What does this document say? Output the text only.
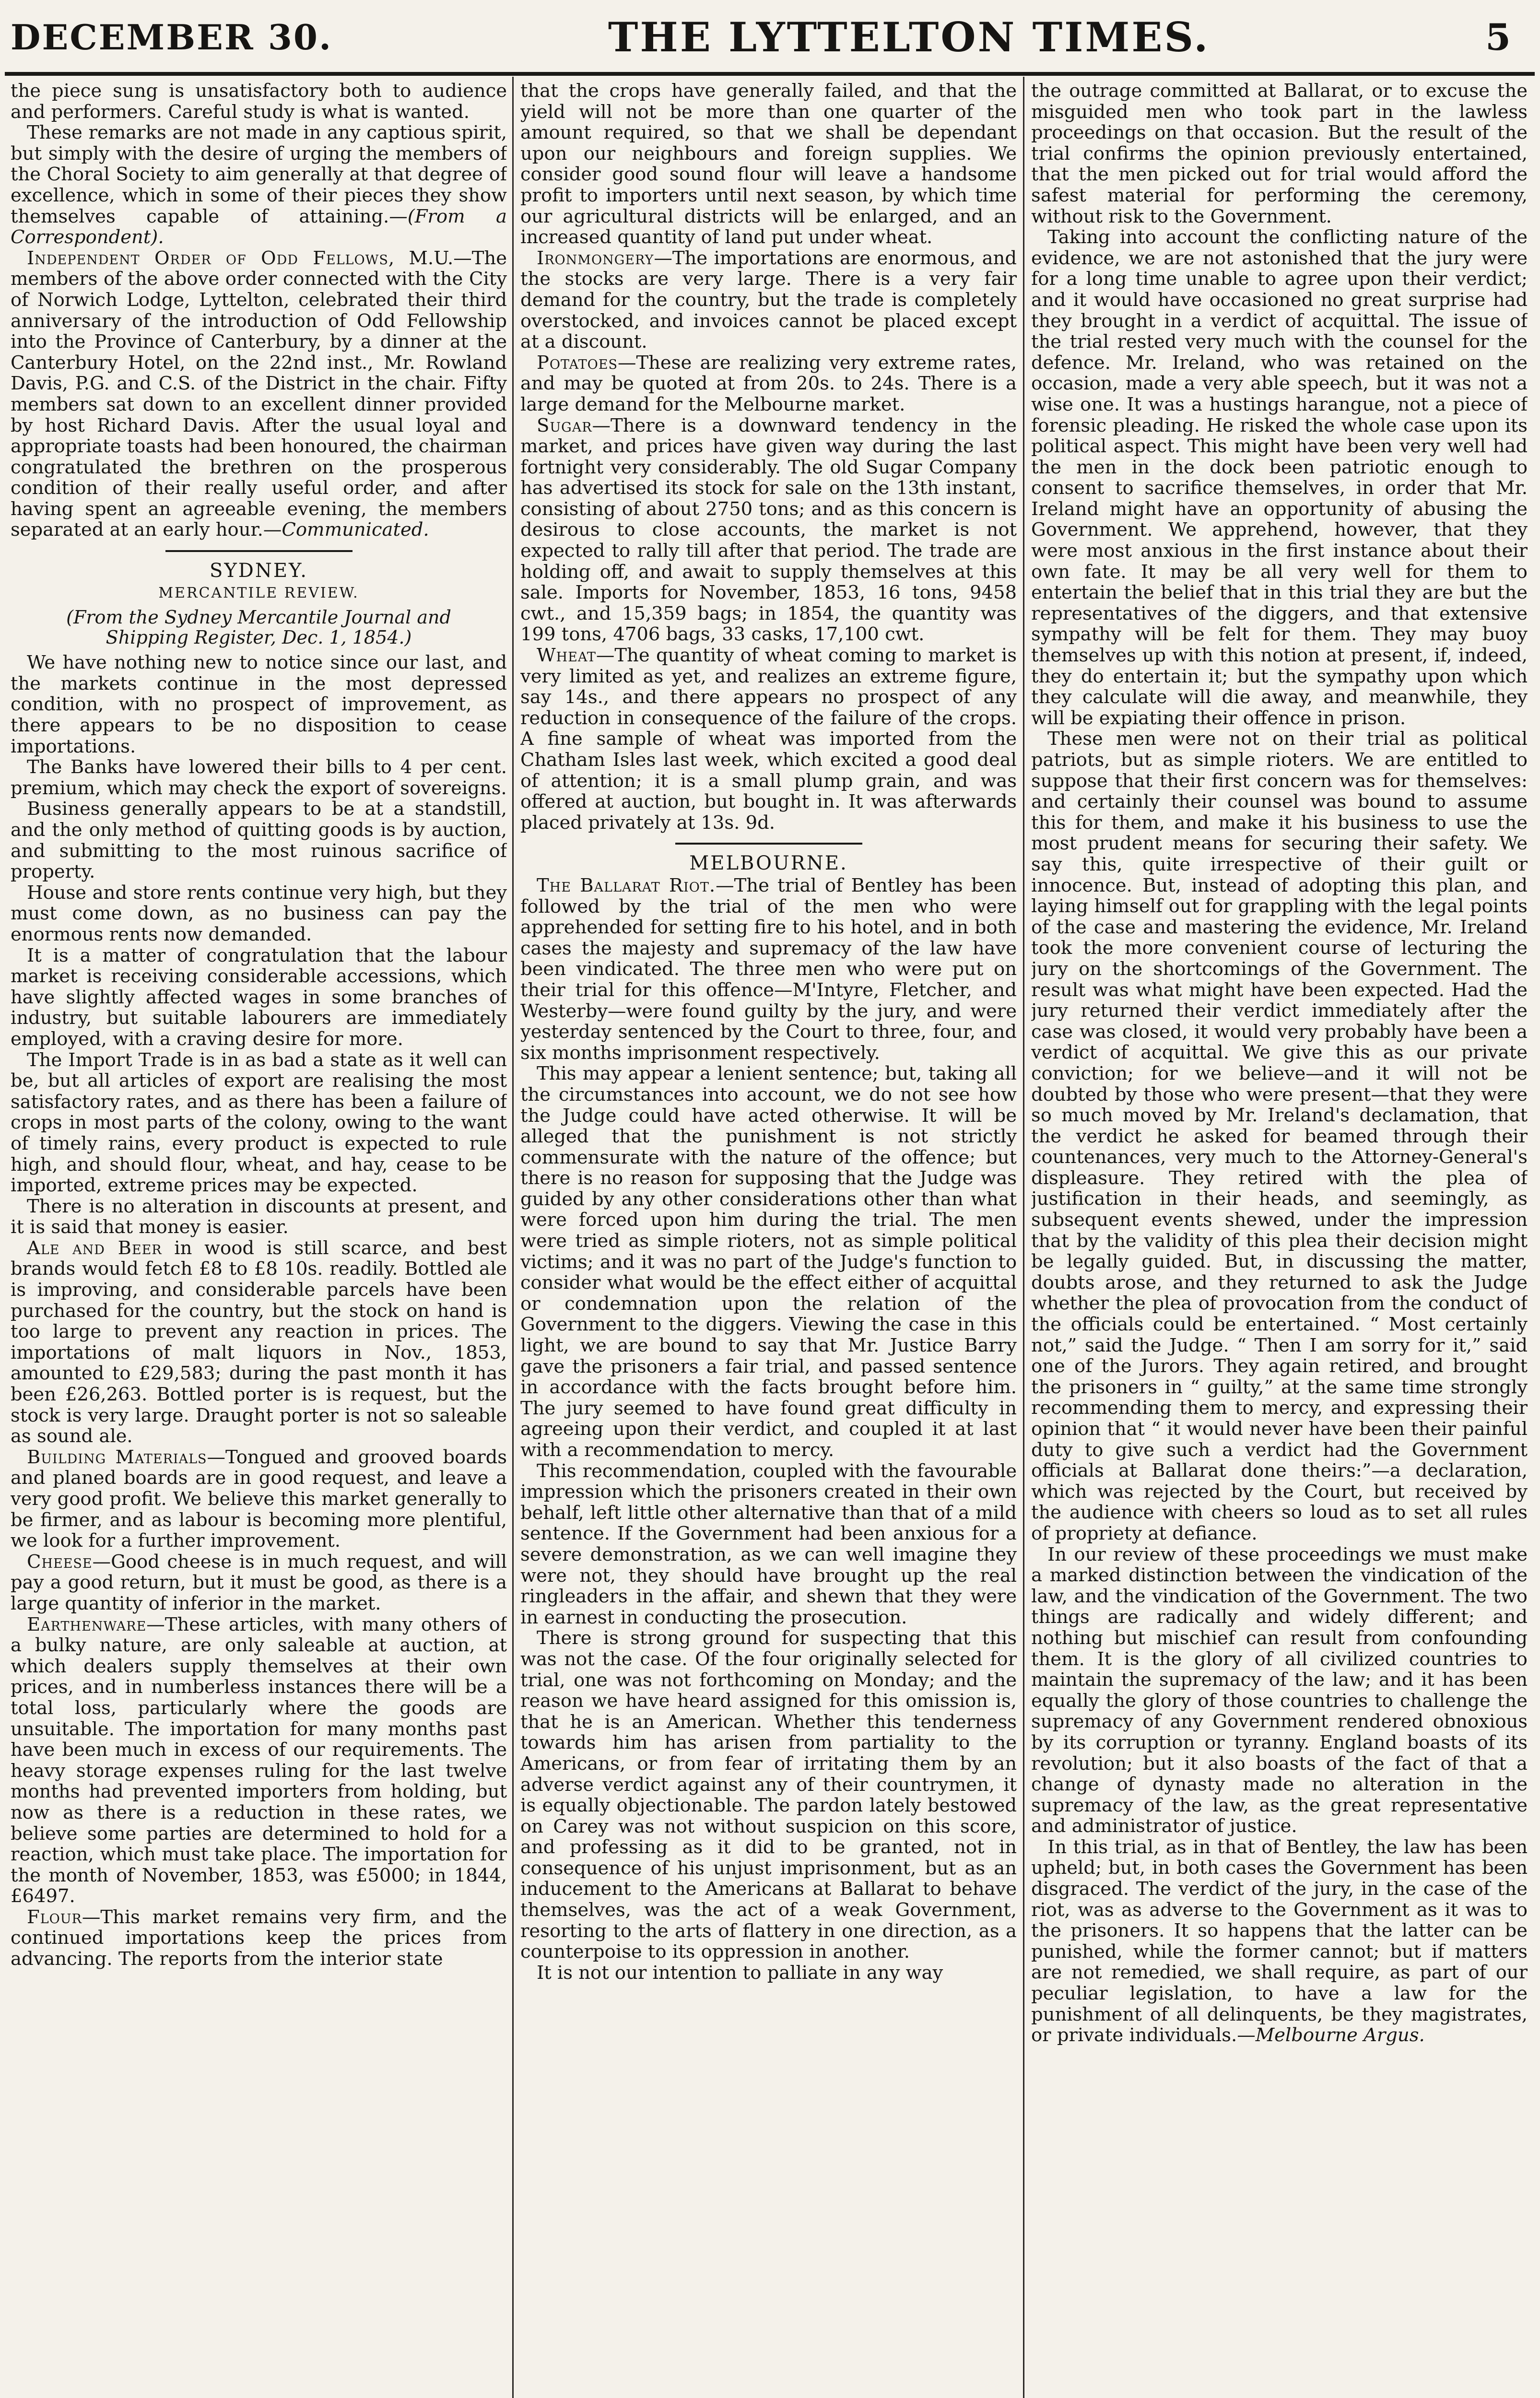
DECEMBER 30.	THE LYTTELTON TIMES.	5

the piece sung is unsatisfactory both to audience and performers. Careful study is what is wanted.

These remarks are not made in any captious spirit, but simply with the desire of urging the members of the Choral Society to aim generally at that degree of excellence, which in some of their pieces they show themselves capable of attaining.—(From a Correspondent).

Independent Order of Odd Fellows, M.U.—The members of the above order connected with the City of Norwich Lodge, Lyttelton, celebrated their third anniversary of the introduction of Odd Fellowship into the Province of Canterbury, by a dinner at the Canterbury Hotel, on the 22nd inst., Mr. Rowland Davis, P.G. and C.S. of the District in the chair. Fifty members sat down to an excellent dinner provided by host Richard Davis. After the usual loyal and appropriate toasts had been honoured, the chairman congratulated the brethren on the prosperous condition of their really useful order, and after having spent an agreeable evening, the members separated at an early hour.—Communicated.

SYDNEY.
MERCANTILE REVIEW.
(From the Sydney Mercantile Journal and Shipping Register, Dec. 1, 1854.)

We have nothing new to notice since our last, and the markets continue in the most depressed condition, with no prospect of improvement, as there appears to be no disposition to cease importations.

The Banks have lowered their bills to 4 per cent. premium, which may check the export of sovereigns.

Business generally appears to be at a standstill, and the only method of quitting goods is by auction, and submitting to the most ruinous sacrifice of property.

House and store rents continue very high, but they must come down, as no business can pay the enormous rents now demanded.

It is a matter of congratulation that the labour market is receiving considerable accessions, which have slightly affected wages in some branches of industry, but suitable labourers are immediately employed, with a craving desire for more.

The Import Trade is in as bad a state as it well can be, but all articles of export are realising the most satisfactory rates, and as there has been a failure of crops in most parts of the colony, owing to the want of timely rains, every product is expected to rule high, and should flour, wheat, and hay, cease to be imported, extreme prices may be expected.

There is no alteration in discounts at present, and it is said that money is easier.

Ale and Beer in wood is still scarce, and best brands would fetch £8 to £8 10s. readily. Bottled ale is improving, and considerable parcels have been purchased for the country, but the stock on hand is too large to prevent any reaction in prices. The importations of malt liquors in Nov., 1853, amounted to £29,583; during the past month it has been £26,263. Bottled porter is is request, but the stock is very large. Draught porter is not so saleable as sound ale.

Building Materials—Tongued and grooved boards and planed boards are in good request, and leave a very good profit. We believe this market generally to be firmer, and as labour is becoming more plentiful, we look for a further improvement.

Cheese—Good cheese is in much request, and will pay a good return, but it must be good, as there is a large quantity of inferior in the market.

Earthenware—These articles, with many others of a bulky nature, are only saleable at auction, at which dealers supply themselves at their own prices, and in numberless instances there will be a total loss, particularly where the goods are unsuitable. The importation for many months past have been much in excess of our requirements. The heavy storage expenses ruling for the last twelve months had prevented importers from holding, but now as there is a reduction in these rates, we believe some parties are determined to hold for a reaction, which must take place. The importation for the month of November, 1853, was £5000; in 1844, £6497.

Flour—This market remains very firm, and the continued importations keep the prices from advancing. The reports from the interior state

that the crops have generally failed, and that the yield will not be more than one quarter of the amount required, so that we shall be dependant upon our neighbours and foreign supplies. We consider good sound flour will leave a handsome profit to importers until next season, by which time our agricultural districts will be enlarged, and an increased quantity of land put under wheat.

Ironmongery—The importations are enormous, and the stocks are very large. There is a very fair demand for the country, but the trade is completely overstocked, and invoices cannot be placed except at a discount.

Potatoes—These are realizing very extreme rates, and may be quoted at from 20s. to 24s. There is a large demand for the Melbourne market.

Sugar—There is a downward tendency in the market, and prices have given way during the last fortnight very considerably. The old Sugar Company has advertised its stock for sale on the 13th instant, consisting of about 2750 tons; and as this concern is desirous to close accounts, the market is not expected to rally till after that period. The trade are holding off, and await to supply themselves at this sale. Imports for November, 1853, 16 tons, 9458 cwt., and 15,359 bags; in 1854, the quantity was 199 tons, 4706 bags, 33 casks, 17,100 cwt.

Wheat—The quantity of wheat coming to market is very limited as yet, and realizes an extreme figure, say 14s., and there appears no prospect of any reduction in consequence of the failure of the crops. A fine sample of wheat was imported from the Chatham Isles last week, which excited a good deal of attention; it is a small plump grain, and was offered at auction, but bought in. It was afterwards placed privately at 13s. 9d.

MELBOURNE.

The Ballarat Riot.—The trial of Bentley has been followed by the trial of the men who were apprehended for setting fire to his hotel, and in both cases the majesty and supremacy of the law have been vindicated. The three men who were put on their trial for this offence—M'Intyre, Fletcher, and Westerby—were found guilty by the jury, and were yesterday sentenced by the Court to three, four, and six months imprisonment respectively.

This may appear a lenient sentence; but, taking all the circumstances into account, we do not see how the Judge could have acted otherwise. It will be alleged that the punishment is not strictly commensurate with the nature of the offence; but there is no reason for supposing that the Judge was guided by any other considerations other than what were forced upon him during the trial. The men were tried as simple rioters, not as simple political victims; and it was no part of the Judge's function to consider what would be the effect either of acquittal or condemnation upon the relation of the Government to the diggers. Viewing the case in this light, we are bound to say that Mr. Justice Barry gave the prisoners a fair trial, and passed sentence in accordance with the facts brought before him. The jury seemed to have found great difficulty in agreeing upon their verdict, and coupled it at last with a recommendation to mercy.

This recommendation, coupled with the favourable impression which the prisoners created in their own behalf, left little other alternative than that of a mild sentence. If the Government had been anxious for a severe demonstration, as we can well imagine they were not, they should have brought up the real ringleaders in the affair, and shewn that they were in earnest in conducting the prosecution.

There is strong ground for suspecting that this was not the case. Of the four originally selected for trial, one was not forthcoming on Monday; and the reason we have heard assigned for this omission is, that he is an American. Whether this tenderness towards him has arisen from partiality to the Americans, or from fear of irritating them by an adverse verdict against any of their countrymen, it is equally objectionable. The pardon lately bestowed on Carey was not without suspicion on this score, and professing as it did to be granted, not in consequence of his unjust imprisonment, but as an inducement to the Americans at Ballarat to behave themselves, was the act of a weak Government, resorting to the arts of flattery in one direction, as a counterpoise to its oppression in another.

It is not our intention to palliate in any way

the outrage committed at Ballarat, or to excuse the misguided men who took part in the lawless proceedings on that occasion. But the result of the trial confirms the opinion previously entertained, that the men picked out for trial would afford the safest material for performing the ceremony, without risk to the Government.

Taking into account the conflicting nature of the evidence, we are not astonished that the jury were for a long time unable to agree upon their verdict; and it would have occasioned no great surprise had they brought in a verdict of acquittal. The issue of the trial rested very much with the counsel for the defence. Mr. Ireland, who was retained on the occasion, made a very able speech, but it was not a wise one. It was a hustings harangue, not a piece of forensic pleading. He risked the whole case upon its political aspect. This might have been very well had the men in the dock been patriotic enough to consent to sacrifice themselves, in order that Mr. Ireland might have an opportunity of abusing the Government. We apprehend, however, that they were most anxious in the first instance about their own fate. It may be all very well for them to entertain the belief that in this trial they are but the representatives of the diggers, and that extensive sympathy will be felt for them. They may buoy themselves up with this notion at present, if, indeed, they do entertain it; but the sympathy upon which they calculate will die away, and meanwhile, they will be expiating their offence in prison.

These men were not on their trial as political patriots, but as simple rioters. We are entitled to suppose that their first concern was for themselves: and certainly their counsel was bound to assume this for them, and make it his business to use the most prudent means for securing their safety. We say this, quite irrespective of their guilt or innocence. But, instead of adopting this plan, and laying himself out for grappling with the legal points of the case and mastering the evidence, Mr. Ireland took the more convenient course of lecturing the jury on the shortcomings of the Government. The result was what might have been expected. Had the jury returned their verdict immediately after the case was closed, it would very probably have been a verdict of acquittal. We give this as our private conviction; for we believe—and it will not be doubted by those who were present—that they were so much moved by Mr. Ireland's declamation, that the verdict he asked for beamed through their countenances, very much to the Attorney-General's displeasure. They retired with the plea of justification in their heads, and seemingly, as subsequent events shewed, under the impression that by the validity of this plea their decision might be legally guided. But, in discussing the matter, doubts arose, and they returned to ask the Judge whether the plea of provocation from the conduct of the officials could be entertained. “ Most certainly not,” said the Judge. “ Then I am sorry for it,” said one of the Jurors. They again retired, and brought the prisoners in “ guilty,” at the same time strongly recommending them to mercy, and expressing their opinion that “ it would never have been their painful duty to give such a verdict had the Government officials at Ballarat done theirs:”—a declaration, which was rejected by the Court, but received by the audience with cheers so loud as to set all rules of propriety at defiance.

In our review of these proceedings we must make a marked distinction between the vindication of the law, and the vindication of the Government. The two things are radically and widely different; and nothing but mischief can result from confounding them. It is the glory of all civilized countries to maintain the supremacy of the law; and it has been equally the glory of those countries to challenge the supremacy of any Government rendered obnoxious by its corruption or tyranny. England boasts of its revolution; but it also boasts of the fact of that a change of dynasty made no alteration in the supremacy of the law, as the great representative and administrator of justice.

In this trial, as in that of Bentley, the law has been upheld; but, in both cases the Government has been disgraced. The verdict of the jury, in the case of the riot, was as adverse to the Government as it was to the prisoners. It so happens that the latter can be punished, while the former cannot; but if matters are not remedied, we shall require, as part of our peculiar legislation, to have a law for the punishment of all delinquents, be they magistrates, or private individuals.—Melbourne Argus.
